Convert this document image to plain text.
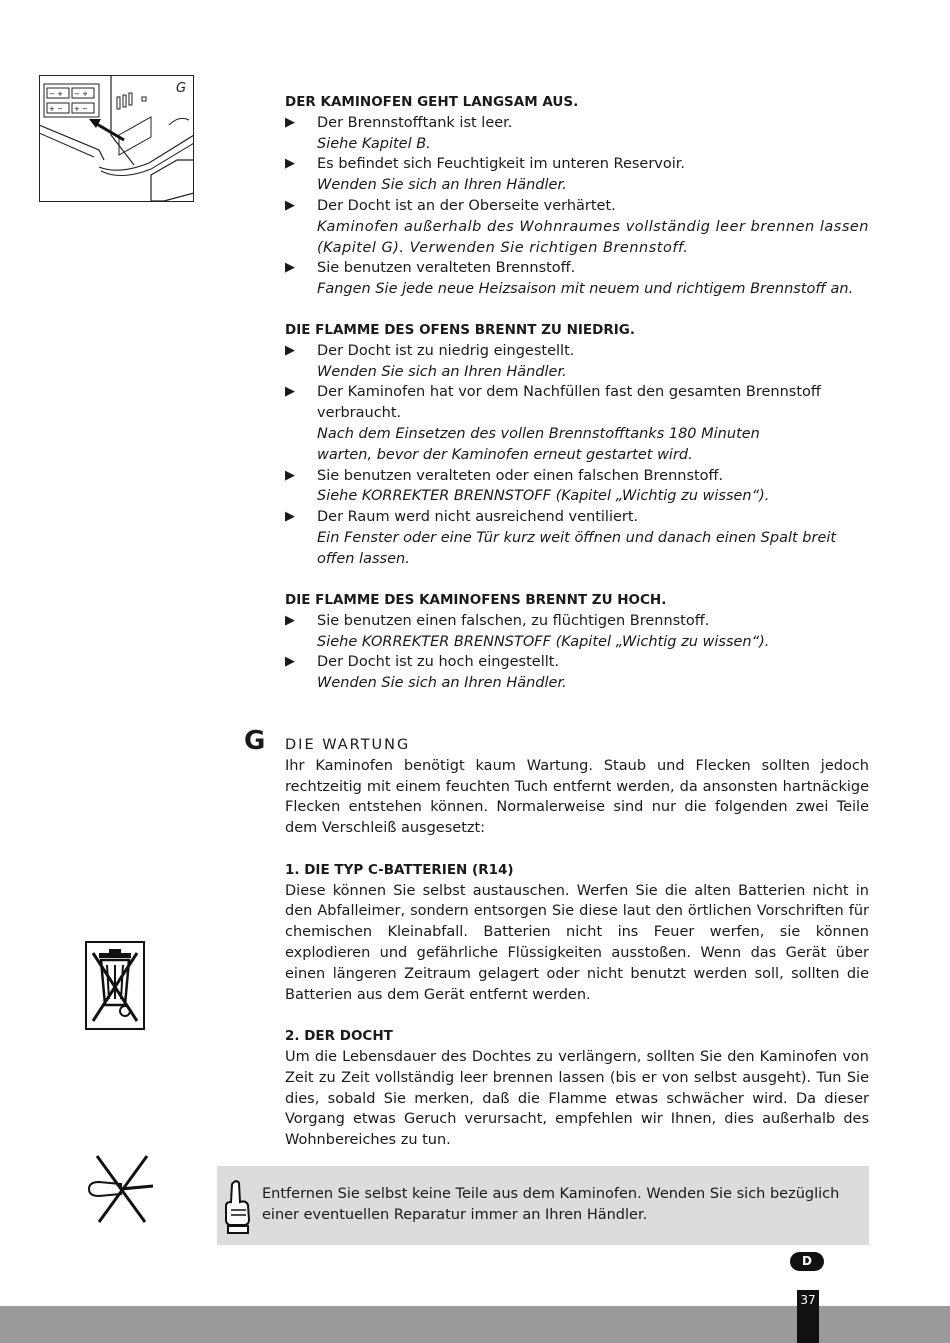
− + − +
+ − + −
G
DER KAMINOFEN GEHT LANGSAM AUS.
▶ Der Brennstofftank ist leer.
Siehe Kapitel B.
▶ Es befindet sich Feuchtigkeit im unteren Reservoir.
Wenden Sie sich an Ihren Händler.
▶ Der Docht ist an der Oberseite verhärtet.
Kaminofen außerhalb des Wohnraumes vollständig leer brennen lassen (Kapitel G). Verwenden Sie richtigen Brennstoff.
▶ Sie benutzen veralteten Brennstoff.
Fangen Sie jede neue Heizsaison mit neuem und richtigem Brennstoff an.
DIE FLAMME DES OFENS BRENNT ZU NIEDRIG.
▶ Der Docht ist zu niedrig eingestellt.
Wenden Sie sich an Ihren Händler.
▶ Der Kaminofen hat vor dem Nachfüllen fast den gesamten Brennstoff verbraucht.
Nach dem Einsetzen des vollen Brennstofftanks 180 Minuten warten, bevor der Kaminofen erneut gestartet wird.
▶ Sie benutzen veralteten oder einen falschen Brennstoff.
Siehe KORREKTER BRENNSTOFF (Kapitel „Wichtig zu wissen“).
▶ Der Raum werd nicht ausreichend ventiliert.
Ein Fenster oder eine Tür kurz weit öffnen und danach einen Spalt breit offen lassen.
DIE FLAMME DES KAMINOFENS BRENNT ZU HOCH.
▶ Sie benutzen einen falschen, zu flüchtigen Brennstoff.
Siehe KORREKTER BRENNSTOFF (Kapitel „Wichtig zu wissen“).
▶ Der Docht ist zu hoch eingestellt.
Wenden Sie sich an Ihren Händler.
G DIE WARTUNG
Ihr Kaminofen benötigt kaum Wartung. Staub und Flecken sollten jedoch rechtzeitig mit einem feuchten Tuch entfernt werden, da ansonsten hartnäckige Flecken entstehen können. Normalerweise sind nur die folgenden zwei Teile dem Verschleiß ausgesetzt:
1. DIE TYP C-BATTERIEN (R14)
Diese können Sie selbst austauschen. Werfen Sie die alten Batterien nicht in den Abfalleimer, sondern entsorgen Sie diese laut den örtlichen Vorschriften für chemischen Kleinabfall. Batterien nicht ins Feuer werfen, sie können explodieren und gefährliche Flüssigkeiten ausstoßen. Wenn das Gerät über einen längeren Zeitraum gelagert oder nicht benutzt werden soll, sollten die Batterien aus dem Gerät entfernt werden.
2. DER DOCHT
Um die Lebensdauer des Dochtes zu verlängern, sollten Sie den Kaminofen von Zeit zu Zeit vollständig leer brennen lassen (bis er von selbst ausgeht). Tun Sie dies, sobald Sie merken, daß die Flamme etwas schwächer wird. Da dieser Vorgang etwas Geruch verursacht, empfehlen wir Ihnen, dies außerhalb des Wohnbereiches zu tun.
Entfernen Sie selbst keine Teile aus dem Kaminofen. Wenden Sie sich bezüglich einer eventuellen Reparatur immer an Ihren Händler.
D
37
